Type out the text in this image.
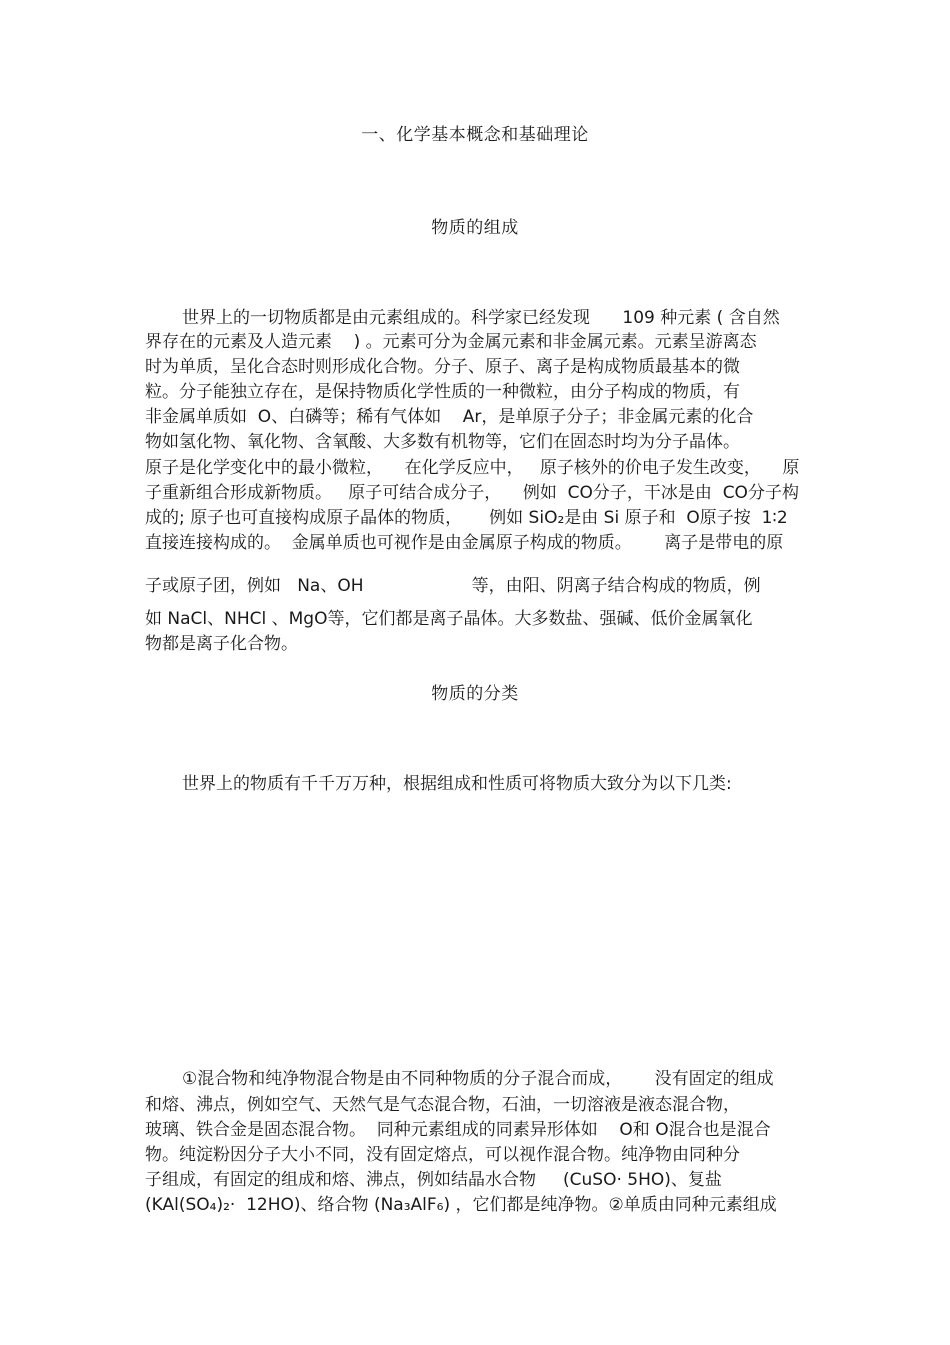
一、化学基本概念和基础理论
物质的组成
世界上的一切物质都是由元素组成的。科学家已经发现      109 种元素 ( 含自然
界存在的元素及人造元素    ) 。元素可分为金属元素和非金属元素。元素呈游离态
时为单质，呈化合态时则形成化合物。分子、原子、离子是构成物质最基本的微
粒。分子能独立存在，是保持物质化学性质的一种微粒，由分子构成的物质，有
非金属单质如  O、白磷等；稀有气体如    Ar，是单原子分子；非金属元素的化合
物如氢化物、氧化物、含氧酸、大多数有机物等，它们在固态时均为分子晶体。
原子是化学变化中的最小微粒，    在化学反应中，   原子核外的价电子发生改变，    原
子重新组合形成新物质。   原子可结合成分子，    例如  CO分子，干冰是由  CO分子构
成的; 原子也可直接构成原子晶体的物质，     例如 SiO₂是由 Si 原子和  O原子按  1∶2
直接连接构成的。  金属单质也可视作是由金属原子构成的物质。      离子是带电的原
子或原子团，例如   Na、OH                    等，由阳、阴离子结合构成的物质，例
如 NaCl、NHCl 、MgO等，它们都是离子晶体。大多数盐、强碱、低价金属氧化
物都是离子化合物。
物质的分类
世界上的物质有千千万万种，根据组成和性质可将物质大致分为以下几类:
①混合物和纯净物混合物是由不同种物质的分子混合而成，      没有固定的组成
和熔、沸点，例如空气、天然气是气态混合物，石油，一切溶液是液态混合物，
玻璃、铁合金是固态混合物。  同种元素组成的同素异形体如    O和 O混合也是混合
物。纯淀粉因分子大小不同，没有固定熔点，可以视作混合物。纯净物由同种分
子组成，有固定的组成和熔、沸点，例如结晶水合物     (CuSO· 5HO)、复盐
(KAl(SO₄)₂·  12HO)、络合物 (Na₃AlF₆) ，它们都是纯净物。②单质由同种元素组成
